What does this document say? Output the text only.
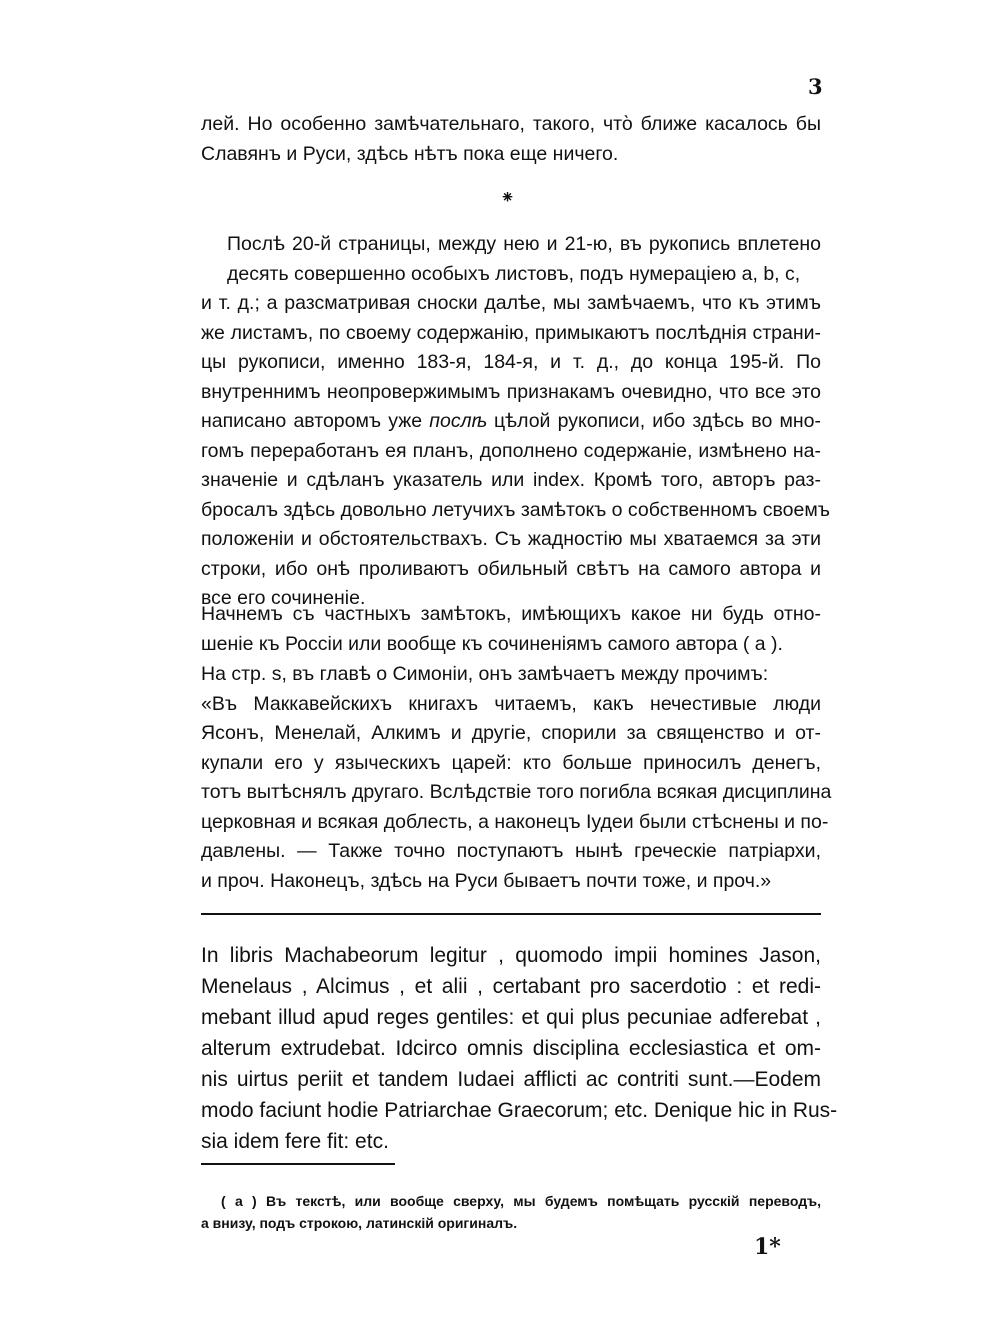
3
лей. Но особенно замѣчательнаго, такого, что̀ ближе касалось бы
Славянъ и Руси, здѣсь нѣтъ пока еще ничего.
⁕
Послѣ 20-й страницы, между нею и 21-ю, въ рукопись вплетено десять совершенно особыхъ листовъ, подъ нумераціею a, b, c,
и т. д.; а разсматривая сноски далѣе, мы замѣчаемъ, что къ этимъ
же листамъ, по своему содержанію, примыкаютъ послѣднія страни-
цы рукописи, именно 183-я, 184-я, и т. д., до конца 195-й. По
внутреннимъ неопровержимымъ признакамъ очевидно, что все это
написано авторомъ уже послѣ цѣлой рукописи, ибо здѣсь во мно-
гомъ переработанъ ея планъ, дополнено содержаніе, измѣнено на-
значеніе и сдѣланъ указатель или index. Кромѣ того, авторъ раз-
бросалъ здѣсь довольно летучихъ замѣтокъ о собственномъ своемъ
положеніи и обстоятельствахъ. Съ жадностію мы хватаемся за эти
строки, ибо онѣ проливаютъ обильный свѣтъ на самого автора и
все его сочиненіе.
Начнемъ съ частныхъ замѣтокъ, имѣющихъ какое ни будь отно-
шеніе къ Россіи или вообще къ сочиненіямъ самого автора ( a ).
На стр. s, въ главѣ о Симоніи, онъ замѣчаетъ между прочимъ:
«Въ Маккавейскихъ книгахъ читаемъ, какъ нечестивые люди
Ясонъ, Менелай, Алкимъ и другіе, спорили за священство и от-
купали его у языческихъ царей: кто больше приносилъ денегъ,
тотъ вытѣснялъ другаго. Вслѣдствіе того погибла всякая дисциплина
церковная и всякая доблесть, а наконецъ Іудеи были стѣснены и по-
давлены. — Также точно поступаютъ нынѣ греческіе патріархи,
и проч. Наконецъ, здѣсь на Руси бываетъ почти тоже, и проч.»
In libris Machabeorum legitur , quomodo impii homines Jason,
Menelaus , Alcimus , et alii , certabant pro sacerdotio : et redi-
mebant illud apud reges gentiles: et qui plus pecuniae adferebat ,
alterum extrudebat. Idcirco omnis disciplina ecclesiastica et om-
nis uirtus periit et tandem Iudaei afflicti ac contriti sunt.—Eodem
modo faciunt hodie Patriarchae Graecorum; etc. Denique hic in Rus-
sia idem fere fit: etc.
( a ) Въ текстѣ, или вообще сверху, мы будемъ помѣщать русскій переводъ,
а внизу, подъ строкою, латинскій оригиналъ.
1*
